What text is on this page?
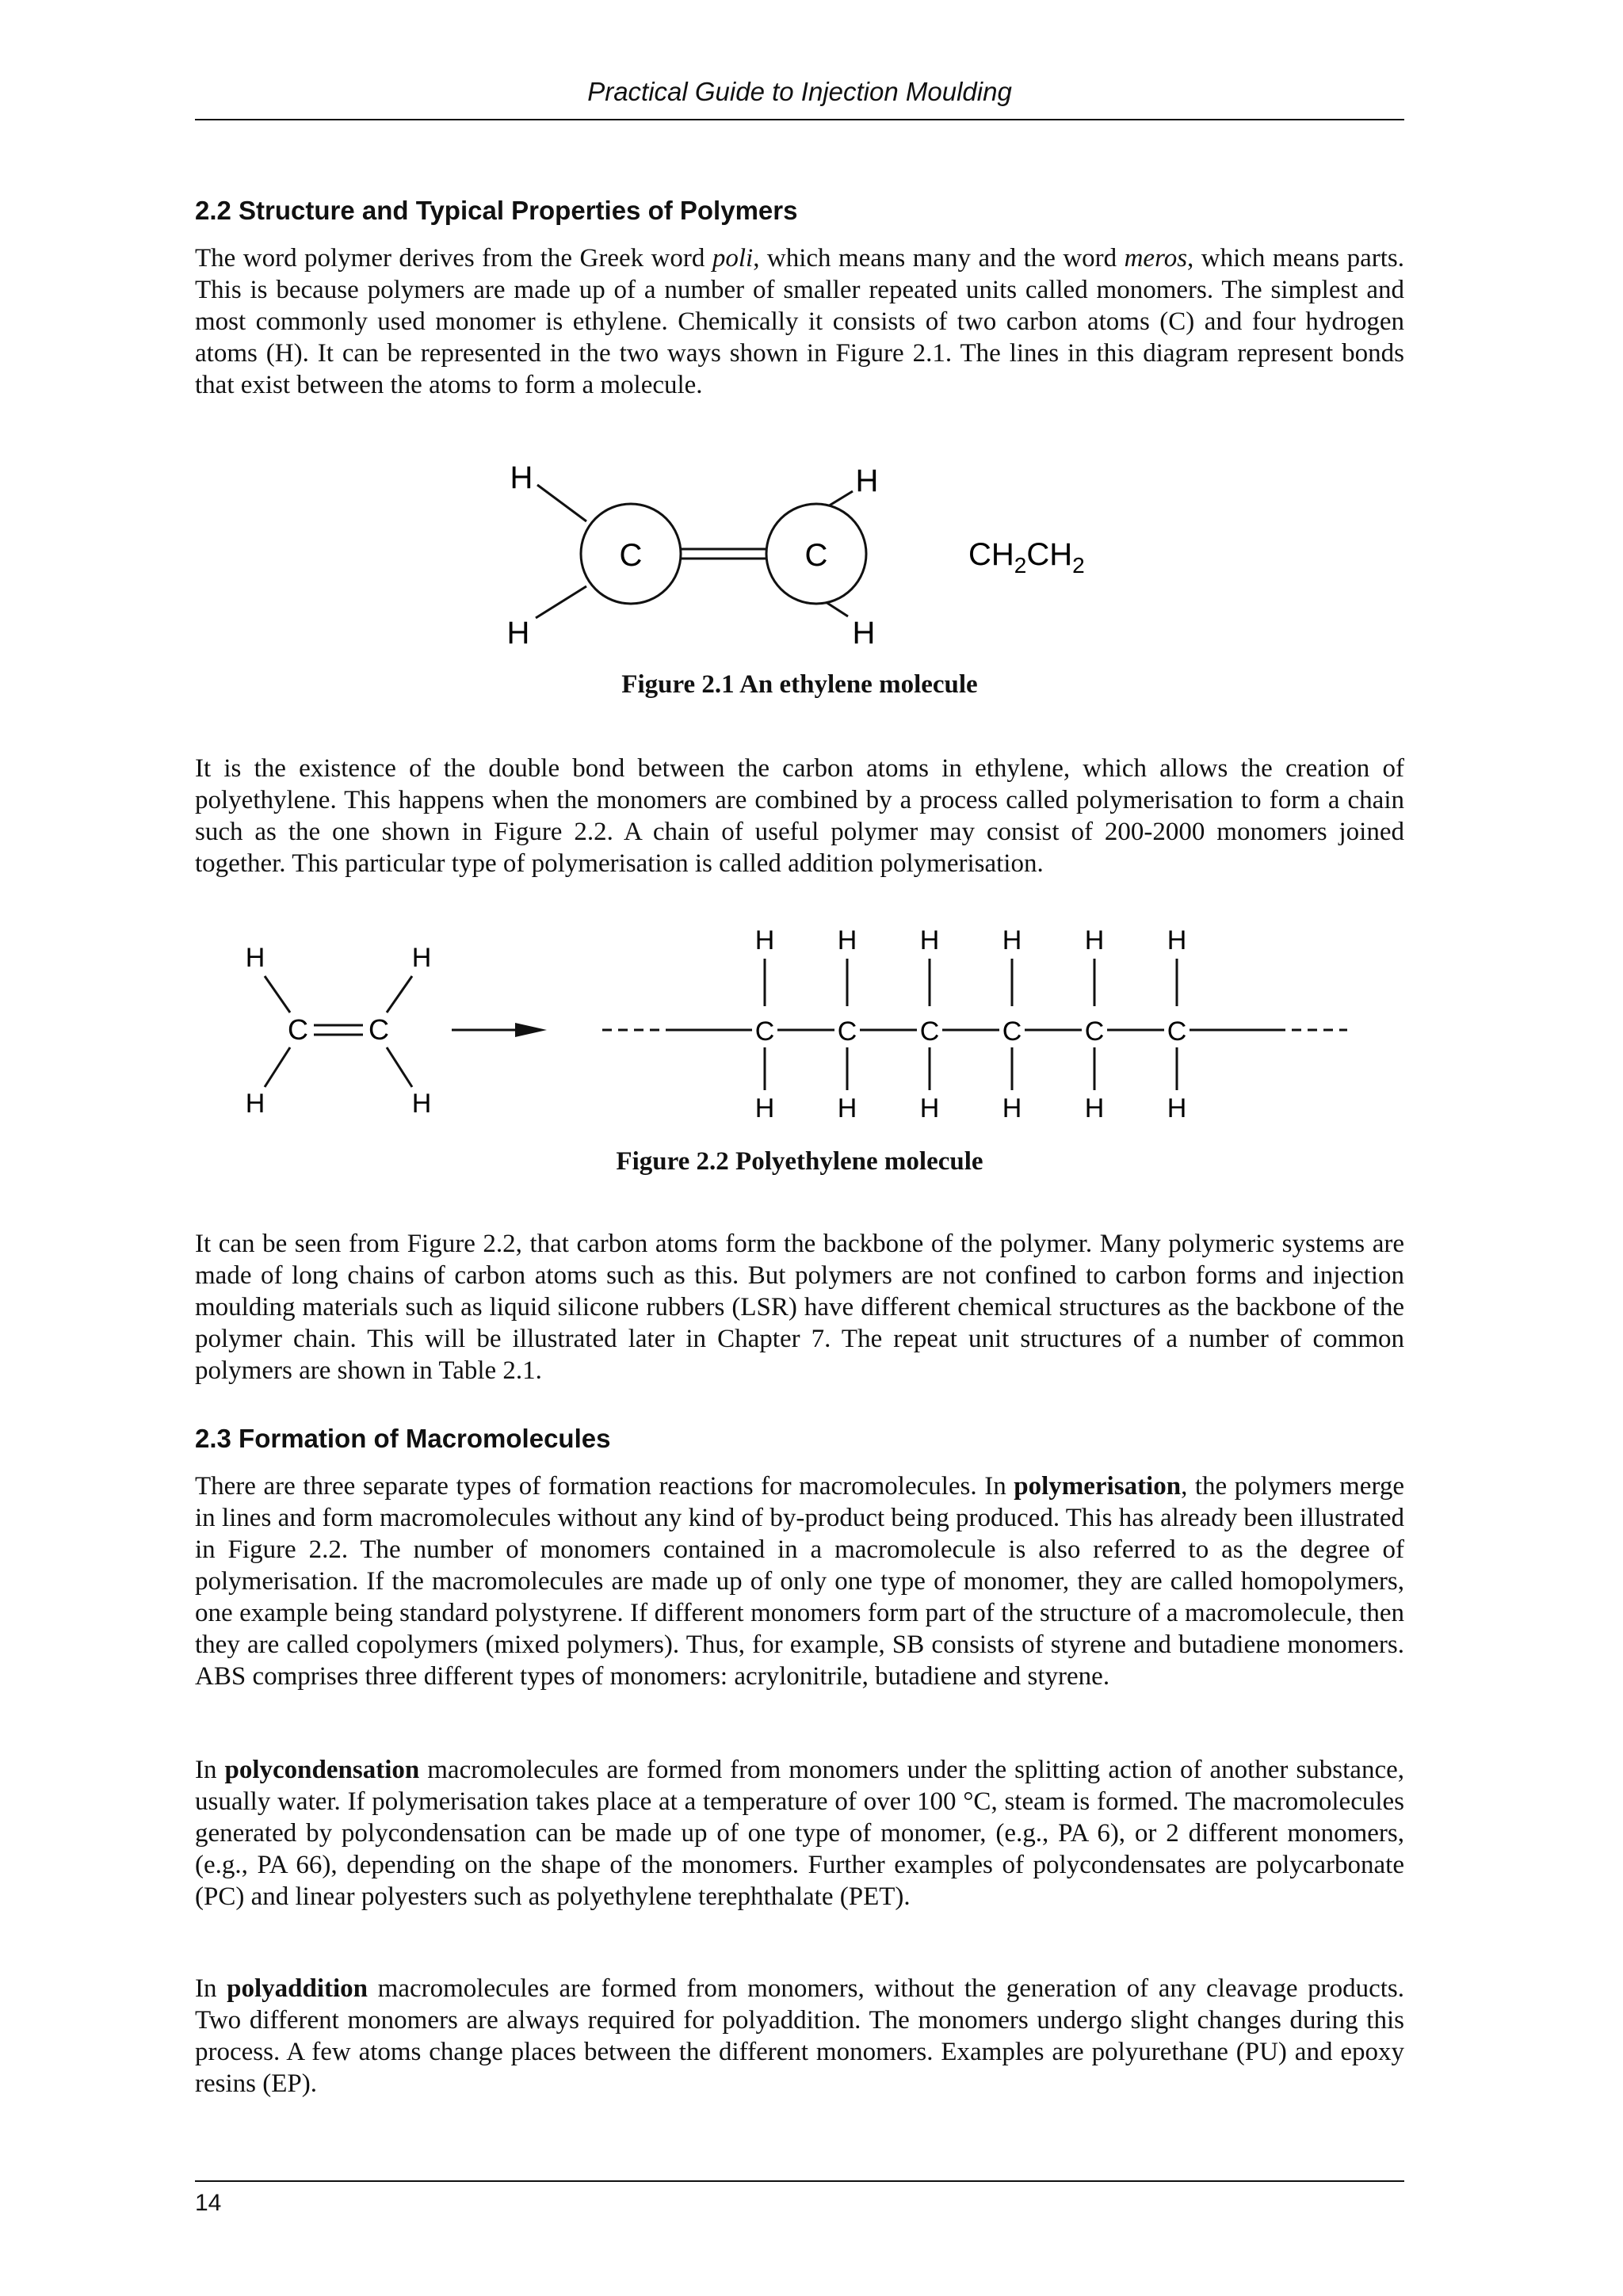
Practical Guide to Injection Moulding
2.2 Structure and Typical Properties of Polymers

The word polymer derives from the Greek word poli, which means many and the word meros, which means parts. This is because polymers are made up of a number of smaller repeated units called monomers. The simplest and most commonly used monomer is ethylene. Chemically it consists of two carbon atoms (C) and four hydrogen atoms (H). It can be represented in the two ways shown in Figure 2.1. The lines in this diagram represent bonds that exist between the atoms to form a molecule.

C	C
H
H
H
H
$CH_2CH_2$

Figure 2.1 An ethylene molecule

It is the existence of the double bond between the carbon atoms in ethylene, which allows the creation of polyethylene. This happens when the monomers are combined by a process called polymerisation to form a chain such as the one shown in Figure 2.2. A chain of useful polymer may consist of 200-2000 monomers joined together. This particular type of polymerisation is called addition polymerisation.

H	H
H	H
C C	C
H
H
C
H
H
C
H
H
C
H
H
C
H
H
C
H
H

Figure 2.2 Polyethylene molecule

It can be seen from Figure 2.2, that carbon atoms form the backbone of the polymer. Many polymeric systems are made of long chains of carbon atoms such as this. But polymers are not confined to carbon forms and injection moulding materials such as liquid silicone rubbers (LSR) have different chemical structures as the backbone of the polymer chain. This will be illustrated later in Chapter 7. The repeat unit structures of a number of common polymers are shown in Table 2.1.

2.3 Formation of Macromolecules

There are three separate types of formation reactions for macromolecules. In polymerisation, the polymers merge in lines and form macromolecules without any kind of by-product being produced. This has already been illustrated in Figure 2.2. The number of monomers contained in a macromolecule is also referred to as the degree of polymerisation. If the macromolecules are made up of only one type of monomer, they are called homopolymers, one example being standard polystyrene. If different monomers form part of the structure of a macromolecule, then they are called copolymers (mixed polymers). Thus, for example, SB consists of styrene and butadiene monomers. ABS comprises three different types of monomers: acrylonitrile, butadiene and styrene.

In polycondensation macromolecules are formed from monomers under the splitting action of another substance, usually water. If polymerisation takes place at a temperature of over 100 °C, steam is formed. The macromolecules generated by polycondensation can be made up of one type of monomer, (e.g., PA 6), or 2 different monomers, (e.g., PA 66), depending on the shape of the monomers. Further examples of polycondensates are polycarbonate (PC) and linear polyesters such as polyethylene terephthalate (PET).

In polyaddition macromolecules are formed from monomers, without the generation of any cleavage products. Two different monomers are always required for polyaddition. The monomers undergo slight changes during this process. A few atoms change places between the different monomers. Examples are polyurethane (PU) and epoxy resins (EP).

14
